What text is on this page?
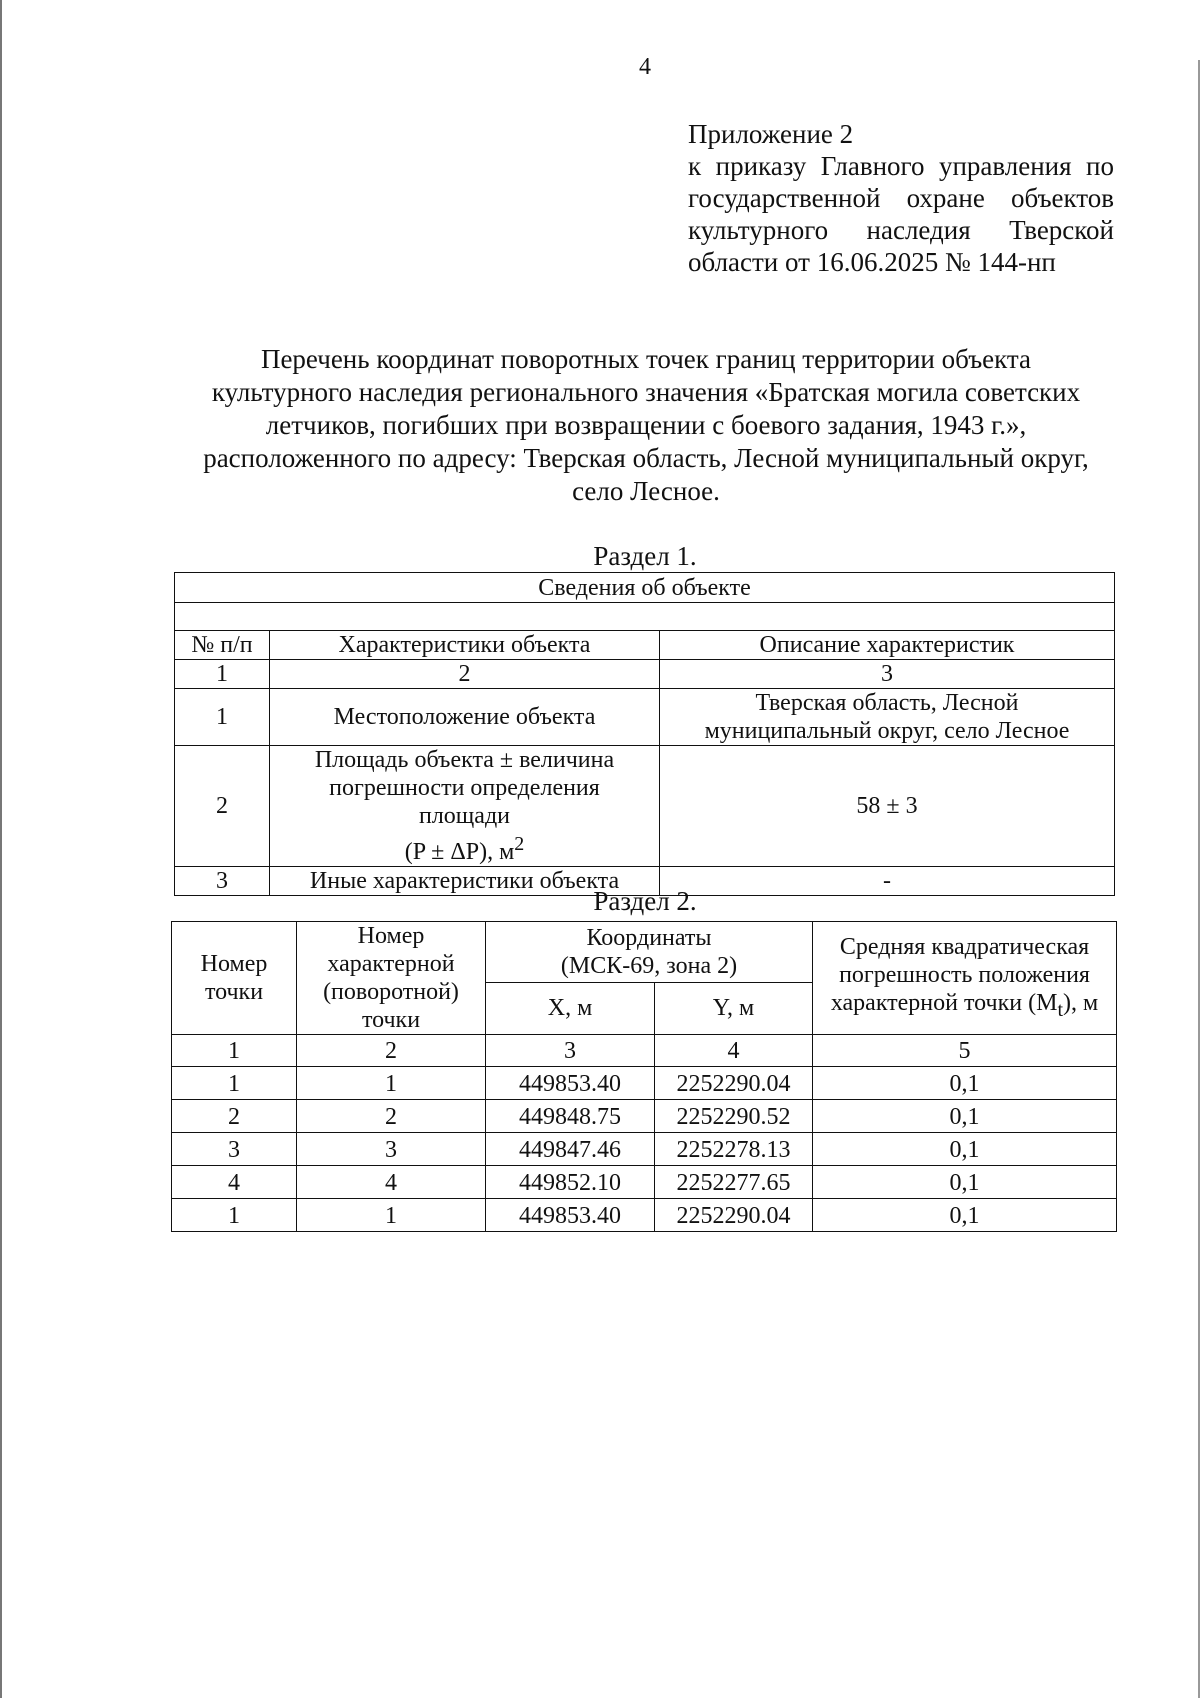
4
Приложение 2
к приказу Главного управления по
государственной охране объектов
культурного наследия Тверской
области от 16.06.2025 № 144-нп
Перечень координат поворотных точек границ территории объекта
культурного наследия регионального значения «Братская могила советских
летчиков, погибших при возвращении с боевого задания, 1943 г.»,
расположенного по адресу: Тверская область, Лесной муниципальный округ,
село Лесное.
Раздел 1.
Сведения об объекте		

№ п/п	Характеристики объекта	Описание характеристик
1	2	3
1	Местоположение объекта	Тверская область, Лесной
муниципальный округ, село Лесное

2	Площадь объекта ± величина
погрешности определения
площади
(P ± ΔP), $м^2$	58 ± 3

3	Иные характеристики объекта	-
Раздел 2.
Номер
точки	Номер
характерной
(поворотной)
точки	Координаты
(МСК-69, зона 2)		Средняя квадратическая
погрешность положения
характерной точки $(M_t)$, м

		X, м	Y, м	
1	2	3	4	5
1	1	449853.40	2252290.04	0,1
2	2	449848.75	2252290.52	0,1
3	3	449847.46	2252278.13	0,1
4	4	449852.10	2252277.65	0,1
1	1	449853.40	2252290.04	0,1
